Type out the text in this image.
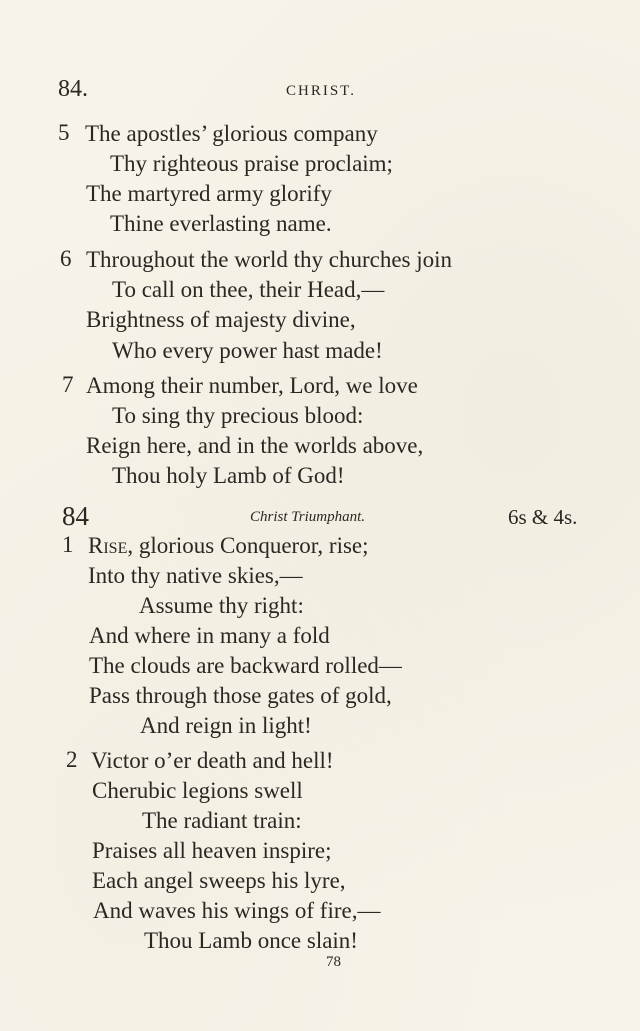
84.	CHRIST.
5 The apostles’ glorious company
Thy righteous praise proclaim;
The martyred army glorify
Thine everlasting name.
6 Throughout the world thy churches join
To call on thee, their Head,—
Brightness of majesty divine,
Who every power hast made!
7 Among their number, Lord, we love
To sing thy precious blood:
Reign here, and in the worlds above,
Thou holy Lamb of God!
84	Christ Triumphant.	6s & 4s.
1 Rise, glorious Conqueror, rise;
Into thy native skies,—
Assume thy right:
And where in many a fold
The clouds are backward rolled—
Pass through those gates of gold,
And reign in light!
2 Victor o’er death and hell!
Cherubic legions swell
The radiant train:
Praises all heaven inspire;
Each angel sweeps his lyre,
And waves his wings of fire,—
Thou Lamb once slain!
78
